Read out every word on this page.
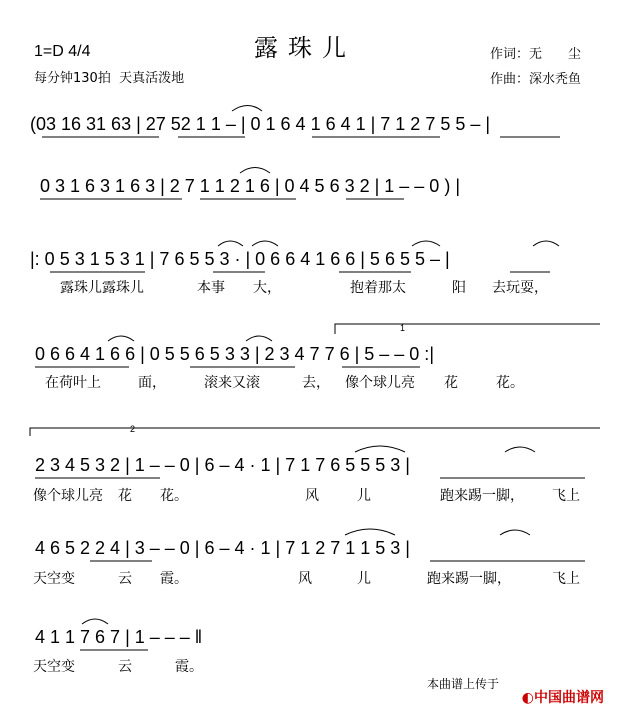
露珠儿
1=D 4/4
每分钟130拍  天真活泼地
作词：无　　尘
作曲：深水秃鱼
(03 16 31 63 | 27 52 1 1 – | 0 1 6 4 1 6 4 1 | 7 1 2 7 5 5 – |
0 3 1 6 3 1 6 3 | 2 7 1 1 2 1 6 | 0 4 5 6 3 2 | 1 – – 0 ) |
|: 0 5 3 1 5 3 1 | 7 6 5 5 3 · | 0 6 6 4 1 6 6 | 5 6 5 5 – |
露珠儿露珠儿	本事 大，	抱着那太	阳 去玩耍，
0 6 6 4 1 6 6 | 0 5 5 6 5 3 3 | 2 3 4 7 7 6 | 5 – – 0 :|
在荷叶上	面，	滚来又滚	去， 像个球儿亮 花	花。
2 3 4 5 3 2 | 1 – – 0 | 6 – 4 · 1 | 7 1 7 6 5 5 5 3 |
像个球儿亮 花 花。	风	儿	跑来踢一脚， 飞上
4 6 5 2 2 4 | 3 – – 0 | 6 – 4 · 1 | 7 1 2 7 1 1 5 3 |
天空变	云 霞。	风	儿	跑来踢一脚，	飞上
4 1 1 7 6 7 | 1 – – – ‖
天空变	云	霞。
1
2
本曲谱上传于

◐中国曲谱网
